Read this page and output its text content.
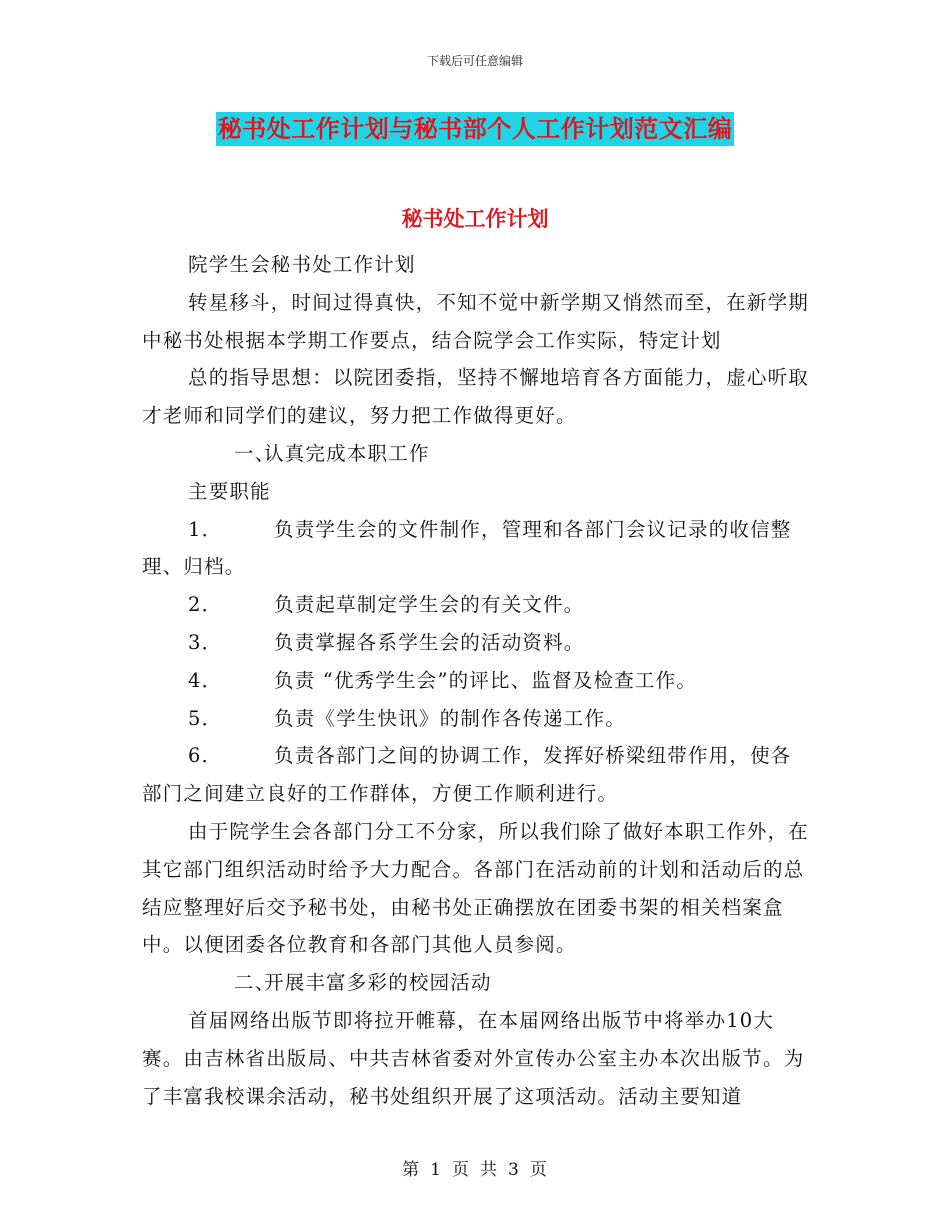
下载后可任意编辑
秘书处工作计划与秘书部个人工作计划范文汇编
秘书处工作计划

院学生会秘书处工作计划

转星移斗，时间过得真快，不知不觉中新学期又悄然而至，在新学期中秘书处根据本学期工作要点，结合院学会工作实际，特定计划

总的指导思想：以院团委指，坚持不懈地培育各方面能力，虚心听取才老师和同学们的建议，努力把工作做得更好。

一、认真完成本职工作

主要职能

1．	负责学生会的文件制作，管理和各部门会议记录的收信整理、归档。

2．	负责起草制定学生会的有关文件。

3．	负责掌握各系学生会的活动资料。

4．	负责 “优秀学生会”的评比、监督及检查工作。

5．	负责《学生快讯》的制作各传递工作。

6．	负责各部门之间的协调工作，发挥好桥梁纽带作用，使各部门之间建立良好的工作群体，方便工作顺利进行。

由于院学生会各部门分工不分家，所以我们除了做好本职工作外，在其它部门组织活动时给予大力配合。各部门在活动前的计划和活动后的总结应整理好后交予秘书处，由秘书处正确摆放在团委书架的相关档案盒中。以便团委各位教育和各部门其他人员参阅。

二、开展丰富多彩的校园活动

首届网络出版节即将拉开帷幕，在本届网络出版节中将举办10大赛。由吉林省出版局、中共吉林省委对外宣传办公室主办本次出版节。为了丰富我校课余活动，秘书处组织开展了这项活动。活动主要知道

第 1 页 共 3 页
